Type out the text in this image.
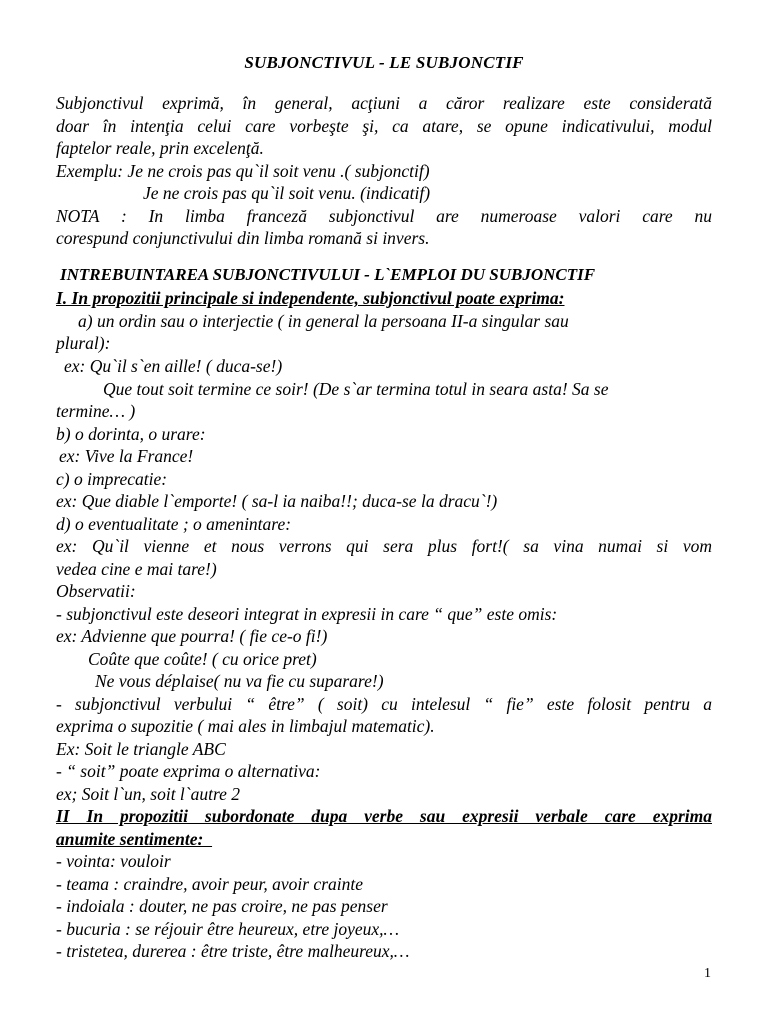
SUBJONCTIVUL - LE SUBJONCTIF
Subjonctivul exprimă, în general, acţiuni a căror realizare este considerată
doar în intenţia celui care vorbeşte şi, ca atare, se opune indicativului, modul
faptelor reale, prin excelenţă.
Exemplu: Je ne crois pas qu`il soit venu .( subjonctif)
Je ne crois pas qu`il soit venu. (indicatif)
NOTA : In limba franceză subjonctivul are numeroase valori care nu
corespund conjunctivului din limba romană si invers.
INTREBUINTAREA SUBJONCTIVULUI - L`EMPLOI DU SUBJONCTIF
I. In propozitii principale si independente, subjonctivul poate exprima:
a) un ordin sau o interjectie ( in general la persoana II-a singular sau
plural):
ex: Qu`il s`en aille! ( duca-se!)
Que tout soit termine ce soir! (De s`ar termina totul in seara asta! Sa se
termine… )
b) o dorinta, o urare:
ex: Vive la France!
c) o imprecatie:
ex: Que diable l`emporte! ( sa-l ia naiba!!; duca-se la dracu`!)
d) o eventualitate ; o amenintare:
ex: Qu`il vienne et nous verrons qui sera plus fort!( sa vina numai si vom
vedea cine e mai tare!)
Observatii:
- subjonctivul este deseori integrat in expresii in care “ que” este omis:
ex: Advienne que pourra! ( fie ce-o fi!)
Coûte que coûte! ( cu orice pret)
Ne vous déplaise( nu va fie cu suparare!)
- subjonctivul verbului “ être” ( soit) cu intelesul “ fie” este folosit pentru a
exprima o supozitie ( mai ales in limbajul matematic).
Ex: Soit le triangle ABC
- “ soit” poate exprima o alternativa:
ex; Soit l`un, soit l`autre 2
II In propozitii subordonate dupa verbe sau expresii verbale care exprima
anumite sentimente:
- vointa: vouloir
- teama : craindre, avoir peur, avoir crainte
- indoiala : douter, ne pas croire, ne pas penser
- bucuria : se réjouir être heureux, etre joyeux,…
- tristetea, durerea : être triste, être malheureux,…
1
